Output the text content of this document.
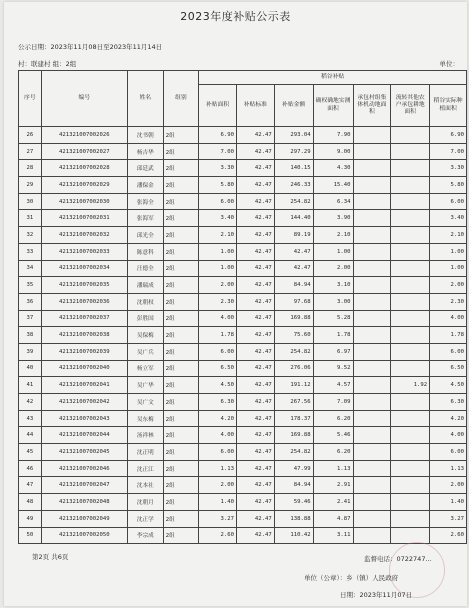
2023年度补贴公示表
公示日期：2023年11月08日至2023年11月14日
村：联建村 组：2组	单位：
序号	编号	姓名	组别	稻谷补贴						
				补贴面积	补贴标准	补贴金额	确权确地实测面积	承包村组集体机动地面积	流转其他农户承包耕地面积	稻谷实际种植面积
26	421321007002026	沈书朝	2组	6.90	42.47	293.04	7.90			6.90
27	421321007002027	杨吉华	2组	7.00	42.47	297.29	9.00			7.00
28	421321007002028	邱廷武	2组	3.30	42.47	140.15	4.30			3.30
29	421321007002029	潘保金	2组	5.80	42.47	246.33	15.40			5.80
30	421321007002030	张海全	2组	6.00	42.47	254.82	6.34			6.00
31	421321007002031	张海军	2组	3.40	42.47	144.40	3.90			3.40
32	421321007002032	邱光全	2组	2.10	42.47	89.19	2.10			2.10
33	421321007002033	陈意科	2组	1.00	42.47	42.47	1.00			1.00
34	421321007002034	汪德全	2组	1.00	42.47	42.47	2.00			1.00
35	421321007002035	潘瑞成	2组	2.00	42.47	84.94	3.10			2.00
36	421321007002036	沈朝权	2组	2.30	42.47	97.68	3.00			2.30
37	421321007002037	彭胜国	2组	4.00	42.47	169.88	5.28			4.00
38	421321007002038	吴保梅	2组	1.78	42.47	75.60	1.78			1.78
39	421321007002039	吴广兵	2组	6.00	42.47	254.82	6.97			6.00
40	421321007002040	杨立军	2组	6.50	42.47	276.06	9.52			6.50
41	421321007002041	吴广华	2组	4.50	42.47	191.12	4.57		1.92	4.50
42	421321007002042	吴广文	2组	6.30	42.47	267.56	7.09			6.30
43	421321007002043	吴东梅	2组	4.20	42.47	178.37	6.20			4.20
44	421321007002044	汤祥林	2组	4.00	42.47	169.88	5.46			4.00
45	421321007002045	沈正明	2组	6.00	42.47	254.82	6.20			6.00
46	421321007002046	沈正江	2组	1.13	42.47	47.99	1.13			1.13
47	421321007002047	沈本社	2组	2.00	42.47	84.94	2.91			2.00
48	421321007002048	沈朝月	2组	1.40	42.47	59.46	2.41			1.40
49	421321007002049	沈正学	2组	3.27	42.47	138.88	4.87			3.27
50	421321007002050	李宗成	2组	2.60	42.47	110.42	3.11			2.60
第2页 共6页	监督电话：0722747...
单位（公章）：乡（镇）人民政府
日期：2023年11月07日
